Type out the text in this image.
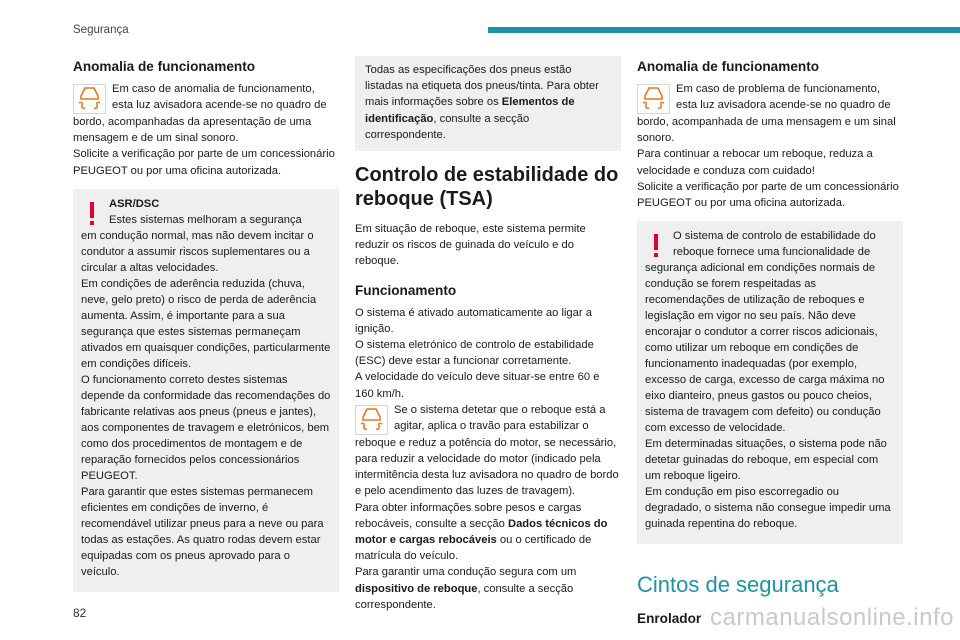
Segurança
Anomalia de funcionamento

Em caso de anomalia de funcionamento,

esta luz avisadora acende-se no quadro de

bordo, acompanhadas da apresentação de uma mensagem e de um sinal sonoro.

Solicite a verificação por parte de um concessionário PEUGEOT ou por uma oficina autorizada.

ASR/DSC

Estes sistemas melhoram a segurança

em condução normal, mas não devem incitar o condutor a assumir riscos suplementares ou a circular a altas velocidades.

Em condições de aderência reduzida (chuva, neve, gelo preto) o risco de perda de aderência aumenta. Assim, é importante para a sua segurança que estes sistemas permaneçam ativados em quaisquer condições, particularmente em condições difíceis.

O funcionamento correto destes sistemas depende da conformidade das recomendações do fabricante relativas aos pneus (pneus e jantes), aos componentes de travagem e eletrónicos, bem como dos procedimentos de montagem e de reparação fornecidos pelos concessionários PEUGEOT.

Para garantir que estes sistemas permanecem eficientes em condições de inverno, é recomendável utilizar pneus para a neve ou para todas as estações. As quatro rodas devem estar equipadas com os pneus aprovado para o veículo.

Todas as especificações dos pneus estão listadas na etiqueta dos pneus/tinta. Para obter mais informações sobre os Elementos de identificação, consulte a secção correspondente.

Controlo de estabilidade do reboque (TSA)

Em situação de reboque, este sistema permite reduzir os riscos de guinada do veículo e do reboque.

Funcionamento

O sistema é ativado automaticamente ao ligar a ignição.

O sistema eletrónico de controlo de estabilidade (ESC) deve estar a funcionar corretamente.

A velocidade do veículo deve situar-se entre 60 e 160 km/h.

Se o sistema detetar que o reboque está a

agitar, aplica o travão para estabilizar o

reboque e reduz a potência do motor, se necessário, para reduzir a velocidade do motor (indicado pela intermitência desta luz avisadora no quadro de bordo e pelo acendimento das luzes de travagem).

Para obter informações sobre pesos e cargas rebocáveis, consulte a secção Dados técnicos do motor e cargas rebocáveis ou o certificado de matrícula do veículo.

Para garantir uma condução segura com um dispositivo de reboque, consulte a secção correspondente.

Anomalia de funcionamento

Em caso de problema de funcionamento,

esta luz avisadora acende-se no quadro de

bordo, acompanhada de uma mensagem e um sinal sonoro.

Para continuar a rebocar um reboque, reduza a velocidade e conduza com cuidado!

Solicite a verificação por parte de um concessionário PEUGEOT ou por uma oficina autorizada.

O sistema de controlo de estabilidade do

reboque fornece uma funcionalidade de

segurança adicional em condições normais de condução se forem respeitadas as recomendações de utilização de reboques e legislação em vigor no seu país. Não deve encorajar o condutor a correr riscos adicionais, como utilizar um reboque em condições de funcionamento inadequadas (por exemplo, excesso de carga, excesso de carga máxima no eixo dianteiro, pneus gastos ou pouco cheios, sistema de travagem com defeito) ou condução com excesso de velocidade.

Em determinadas situações, o sistema pode não detetar guinadas do reboque, em especial com um reboque ligeiro.

Em condução em piso escorregadio ou degradado, o sistema não consegue impedir uma guinada repentina do reboque.

Cintos de segurança
Enrolador
82	carmanualsonline.info
